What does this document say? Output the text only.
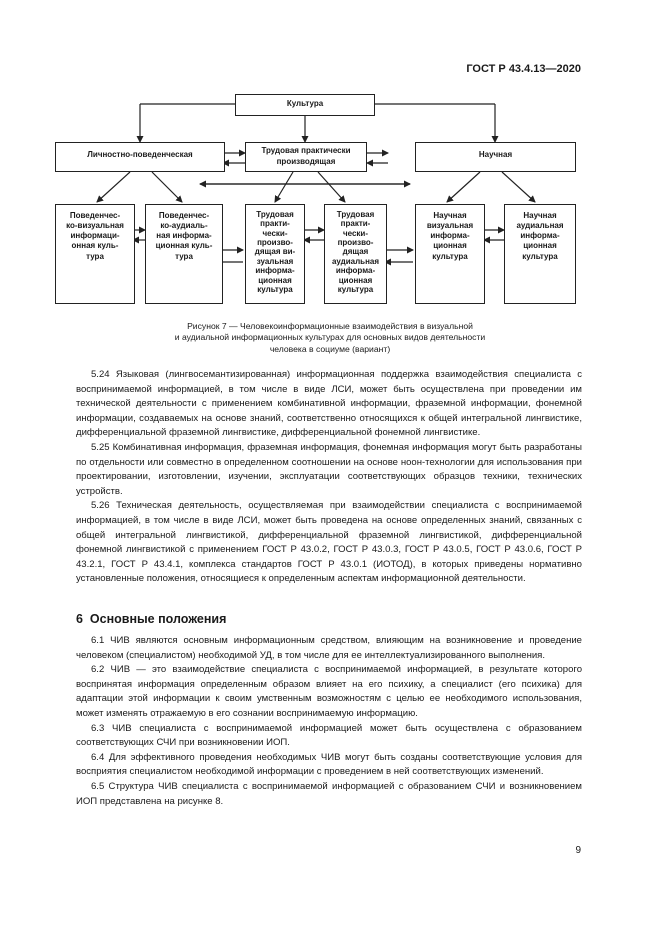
ГОСТ Р 43.4.13—2020
Культура
Личностно-поведенческая	Трудовая практически производящая
Научная
Поведенчес-
ко-визуальная
информаци-
онная куль-
тура
Поведенчес-
ко-аудиаль-
ная информа-
ционная куль-
тура
Трудовая
практи-
чески-
произво-
дящая ви-
зуальная
информа-
ционная
культура
Трудовая
практи-
чески-
произво-
дящая
аудиальная
информа-
ционная
культура
Научная
визуальная
информа-
ционная
культура
Научная
аудиальная
информа-
ционная
культура
Рисунок 7 — Человекоинформационные взаимодействия в визуальной
и аудиальной информационных культурах для основных видов деятельности
человека в социуме (вариант)

5.24 Языковая (лингвосемантизированная) информационная поддержка взаимодействия специалиста с воспринимаемой информацией, в том числе в виде ЛСИ, может быть осуществлена при проведении им технической деятельности с применением комбинативной информации, фраземной информации, фонемной информации, создаваемых на основе знаний, соответственно относящихся к общей интегральной лингвистике, дифференциальной фраземной лингвистике, дифференциальной фонемной лингвистике.

5.25 Комбинативная информация, фраземная информация, фонемная информация могут быть разработаны по отдельности или совместно в определенном соотношении на основе ноон-технологии для использования при проектировании, изготовлении, изучении, эксплуатации соответствующих образцов техники, технических устройств.

5.26 Техническая деятельность, осуществляемая при взаимодействии специалиста с воспринимаемой информацией, в том числе в виде ЛСИ, может быть проведена на основе определенных знаний, связанных с общей интегральной лингвистикой, дифференциальной фраземной лингвистикой, дифференциальной фонемной лингвистикой с применением ГОСТ Р 43.0.2, ГОСТ Р 43.0.3, ГОСТ Р 43.0.5, ГОСТ Р 43.0.6, ГОСТ Р 43.2.1, ГОСТ Р 43.4.1, комплекса стандартов ГОСТ Р 43.0.1 (ИОТОД), в которых приведены нормативно установленные положения, относящиеся к определенным аспектам информационной деятельности.

6 Основные положения

6.1 ЧИВ являются основным информационным средством, влияющим на возникновение и проведение человеком (специалистом) необходимой УД, в том числе для ее интеллектуализированного выполнения.

6.2 ЧИВ — это взаимодействие специалиста с воспринимаемой информацией, в результате которого воспринятая информация определенным образом влияет на его психику, а специалист (его психика) для адаптации этой информации к своим умственным возможностям с целью ее необходимого использования, может изменять отражаемую в его сознании воспринимаемую информацию.

6.3 ЧИВ специалиста с воспринимаемой информацией может быть осуществлена с образованием соответствующих СЧИ при возникновении ИОП.

6.4 Для эффективного проведения необходимых ЧИВ могут быть созданы соответствующие условия для восприятия специалистом необходимой информации с проведением в ней соответствующих изменений.

6.5 Структура ЧИВ специалиста с воспринимаемой информацией с образованием СЧИ и возникновением ИОП представлена на рисунке 8.

9
